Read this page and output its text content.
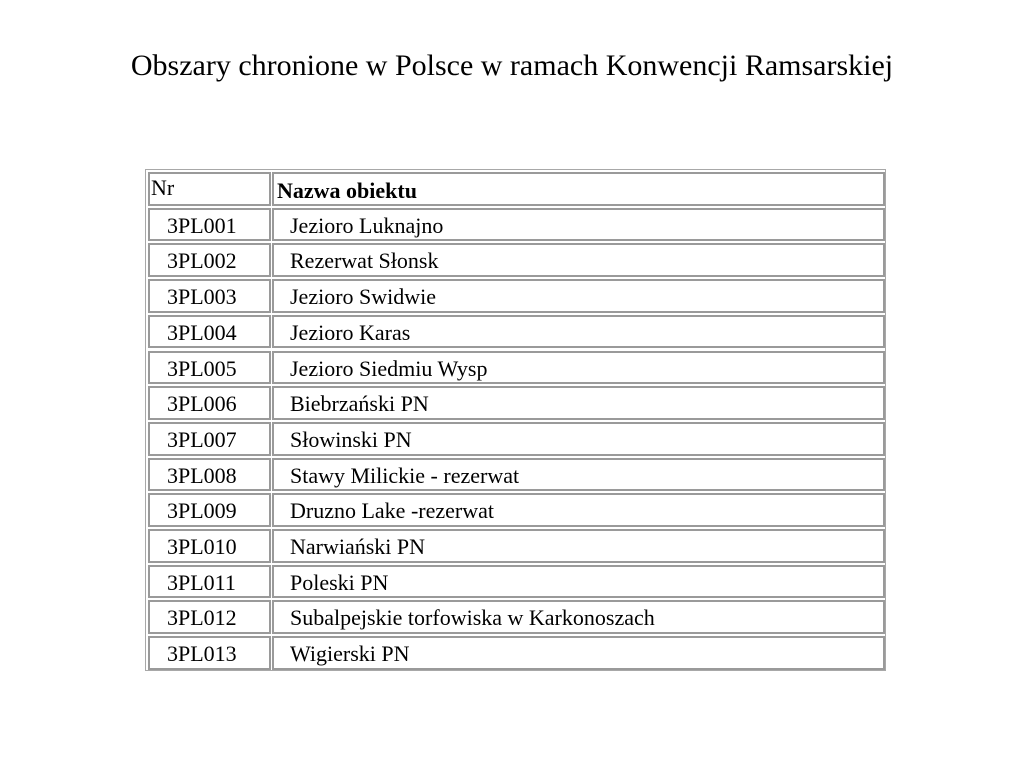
Obszary chronione w Polsce w ramach Konwencji Ramsarskiej
Nr	Nazwa obiektu
3PL001 Jezioro Luknajno
3PL002 Rezerwat Słonsk
3PL003 Jezioro Swidwie
3PL004 Jezioro Karas
3PL005 Jezioro Siedmiu Wysp
3PL006 Biebrzański PN
3PL007 Słowinski PN
3PL008 Stawy Milickie - rezerwat
3PL009 Druzno Lake -rezerwat
3PL010 Narwiański PN
3PL011 Poleski PN
3PL012 Subalpejskie torfowiska w Karkonoszach
3PL013 Wigierski PN
